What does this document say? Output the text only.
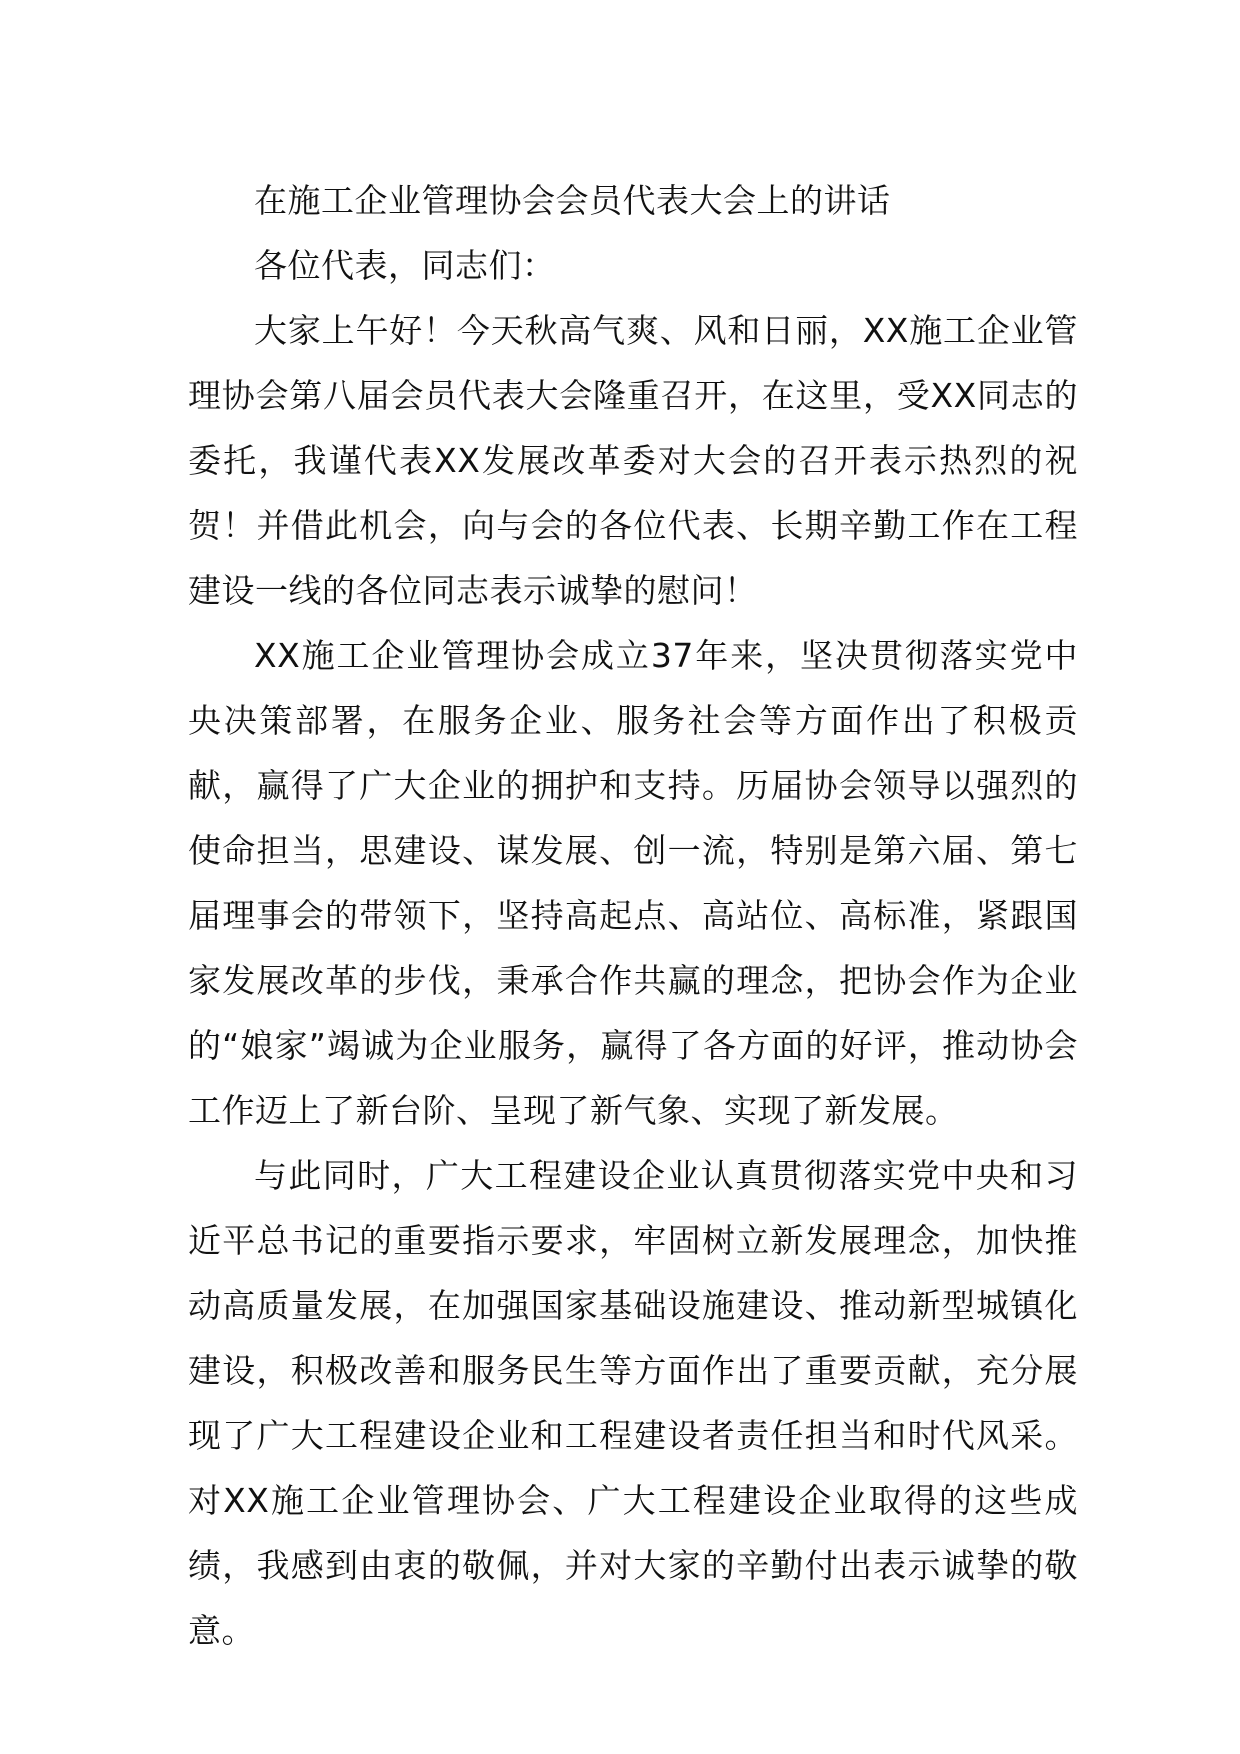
在施工企业管理协会会员代表大会上的讲话

各位代表，同志们：

大家上午好！今天秋高气爽、风和日丽，XX施工企业管理协会第八届会员代表大会隆重召开，在这里，受XX同志的委托，我谨代表XX发展改革委对大会的召开表示热烈的祝贺！并借此机会，向与会的各位代表、长期辛勤工作在工程建设一线的各位同志表示诚挚的慰问！

XX施工企业管理协会成立37年来，坚决贯彻落实党中央决策部署，在服务企业、服务社会等方面作出了积极贡献，赢得了广大企业的拥护和支持。历届协会领导以强烈的使命担当，思建设、谋发展、创一流，特别是第六届、第七届理事会的带领下，坚持高起点、高站位、高标准，紧跟国家发展改革的步伐，秉承合作共赢的理念，把协会作为企业的“娘家”竭诚为企业服务，赢得了各方面的好评，推动协会工作迈上了新台阶、呈现了新气象、实现了新发展。

与此同时，广大工程建设企业认真贯彻落实党中央和习近平总书记的重要指示要求，牢固树立新发展理念，加快推动高质量发展，在加强国家基础设施建设、推动新型城镇化建设，积极改善和服务民生等方面作出了重要贡献，充分展现了广大工程建设企业和工程建设者责任担当和时代风采。对XX施工企业管理协会、广大工程建设企业取得的这些成绩，我感到由衷的敬佩，并对大家的辛勤付出表示诚挚的敬意。
